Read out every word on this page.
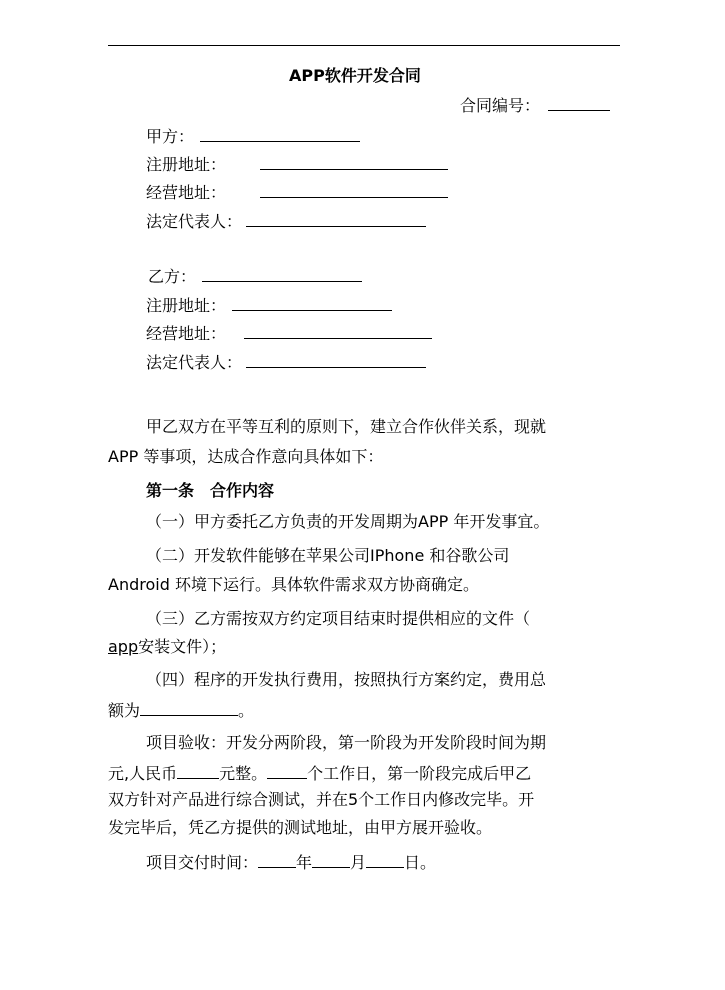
APP软件开发合同
合同编号：
甲方：
注册地址：
经营地址：
法定代表人：
乙方：
注册地址：
经营地址：
法定代表人：
甲乙双方在平等互利的原则下，建立合作伙伴关系，现就
APP 等事项，达成合作意向具体如下：
第一条　合作内容
（一）甲方委托乙方负责的开发周期为APP 年开发事宜。
（二）开发软件能够在苹果公司IPhone 和谷歌公司
Android 环境下运行。具体软件需求双方协商确定。
（三）乙方需按双方约定项目结束时提供相应的文件（
app安装文件）；
（四）程序的开发执行费用，按照执行方案约定，费用总
额为	。
项目验收：开发分两阶段，第一阶段为开发阶段时间为期
元,人民币	元整。	个工作日，第一阶段完成后甲乙
双方针对产品进行综合测试，并在5个工作日内修改完毕。开
发完毕后，凭乙方提供的测试地址，由甲方展开验收。
项目交付时间： 年 月 日。
